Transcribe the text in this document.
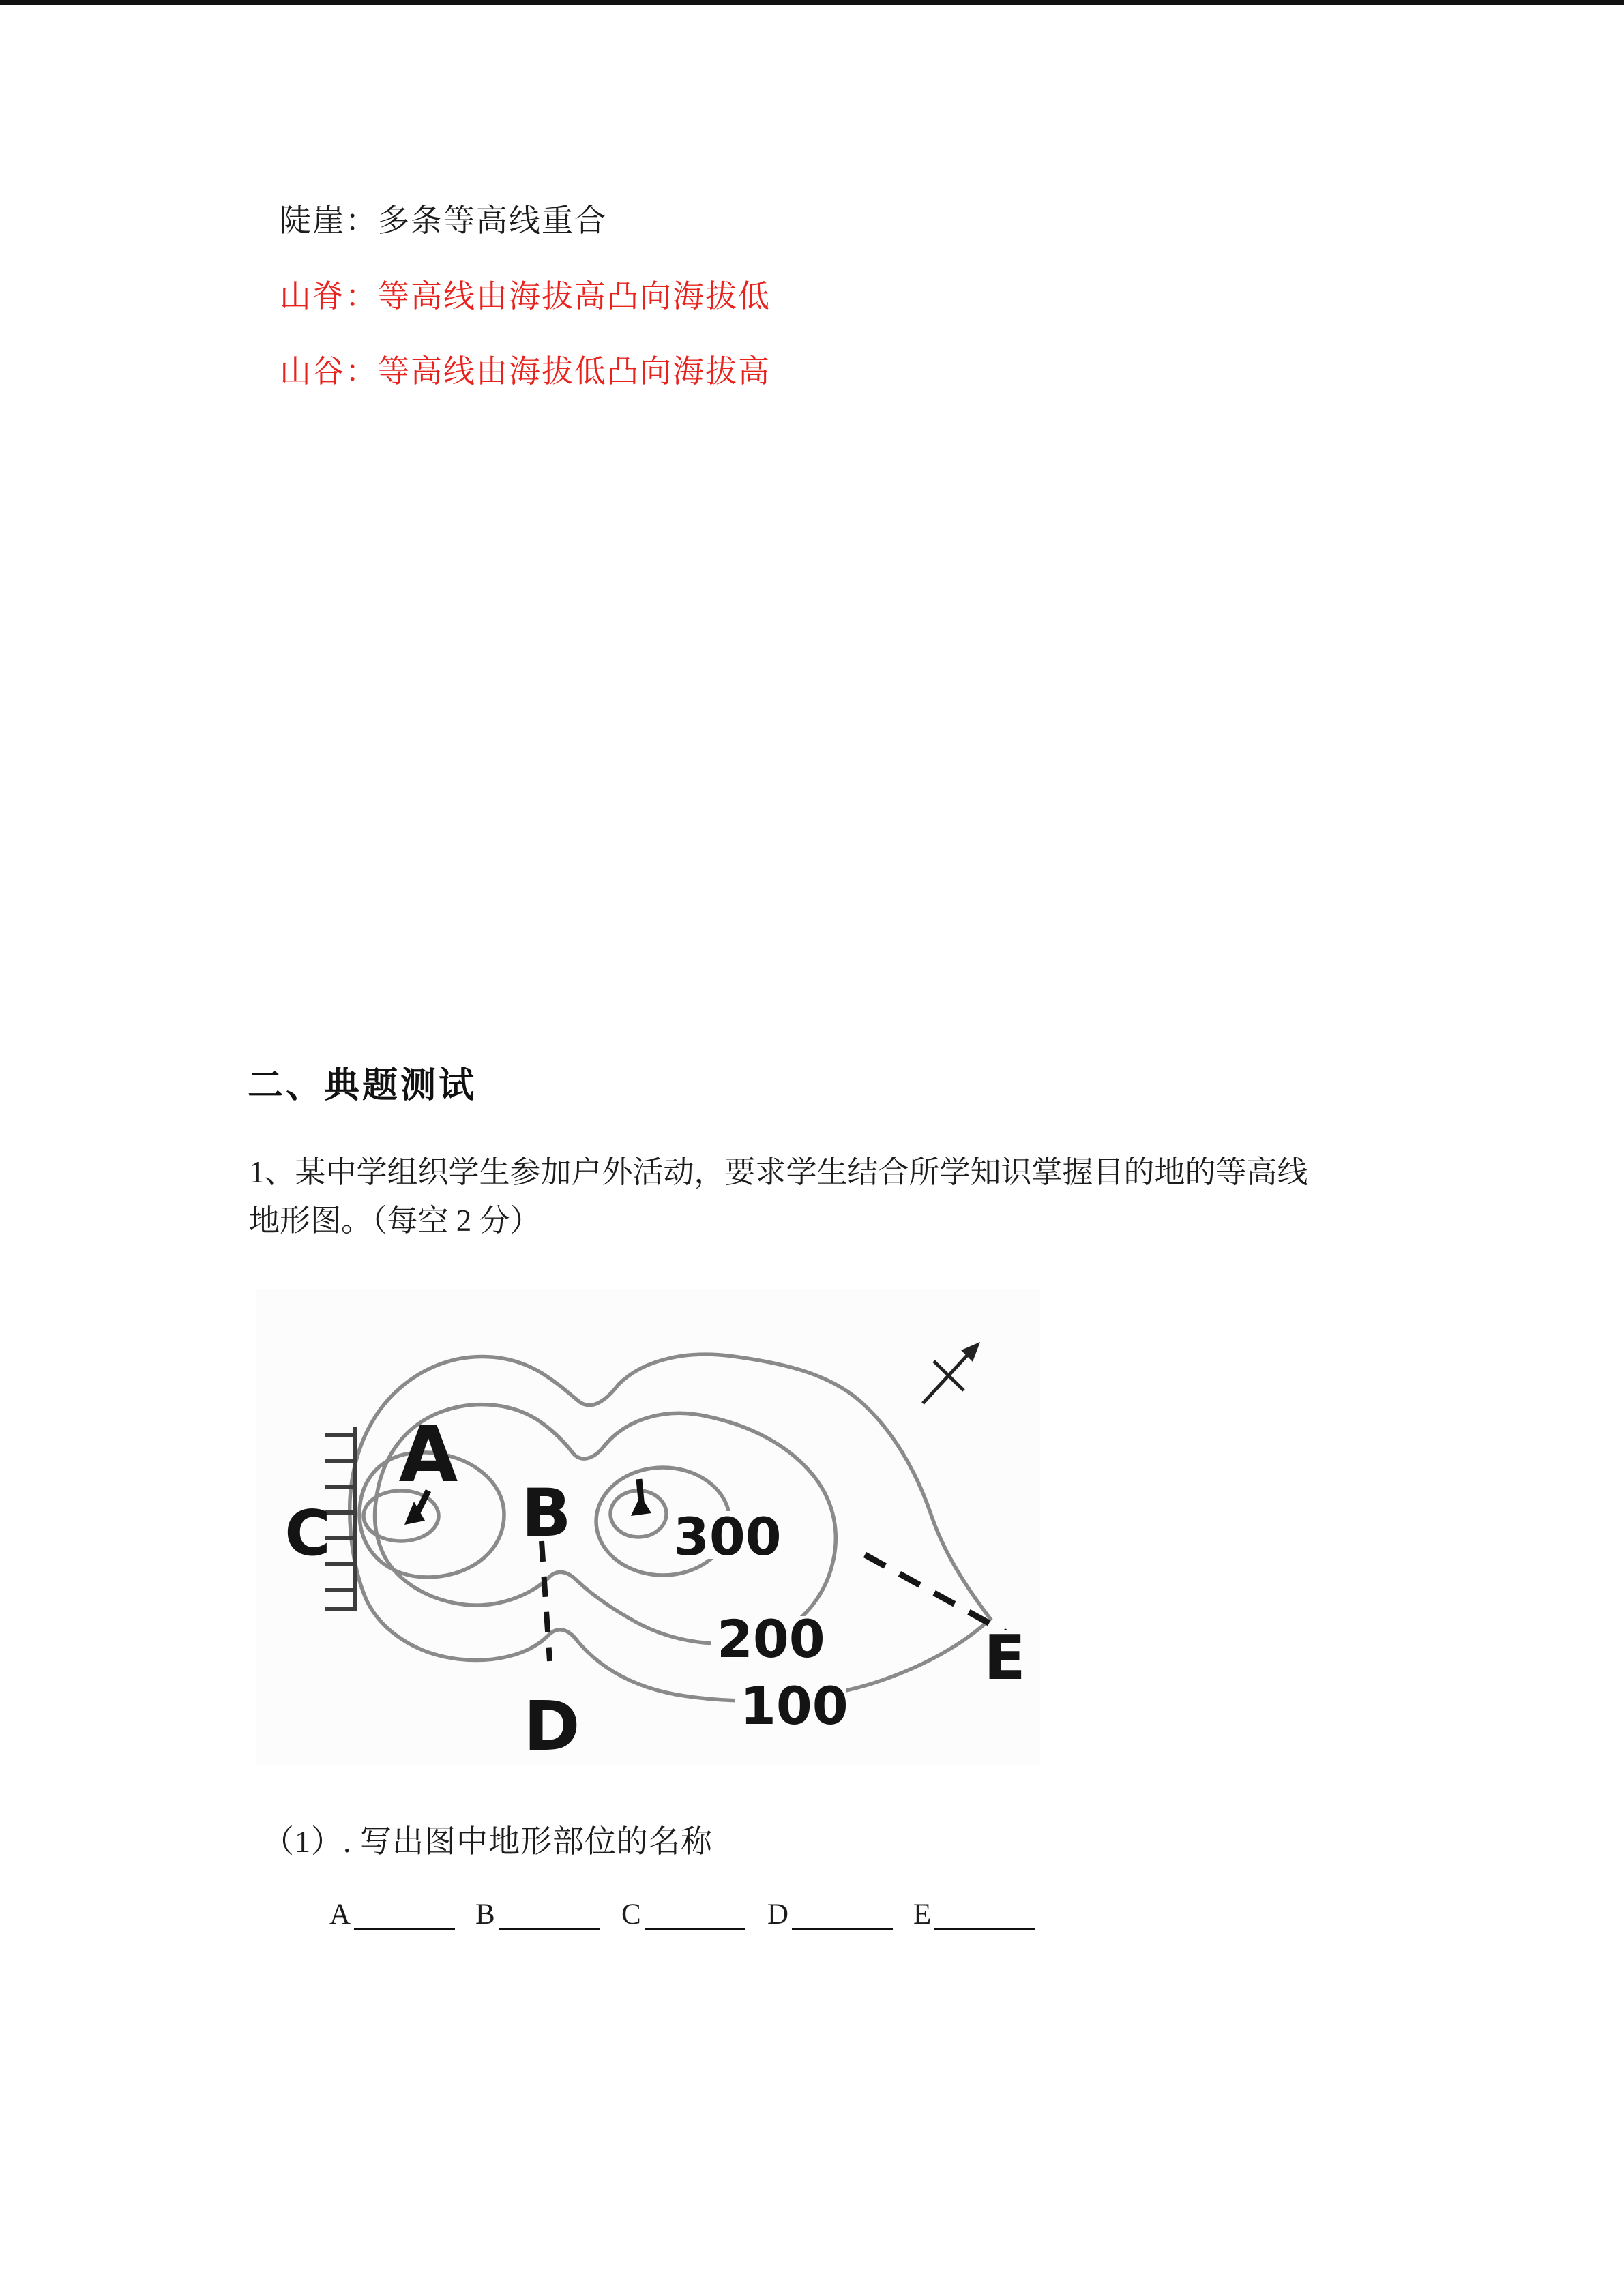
陡崖：多条等高线重合
山脊：等高线由海拔高凸向海拔低
山谷：等高线由海拔低凸向海拔高
二、典题测试
1、某中学组织学生参加户外活动，要求学生结合所学知识掌握目的地的等高线
地形图。（每空 2 分）
300
200
100
A
B
C
D
E
（1）. 写出图中地形部位的名称
A	B	C	D	E
